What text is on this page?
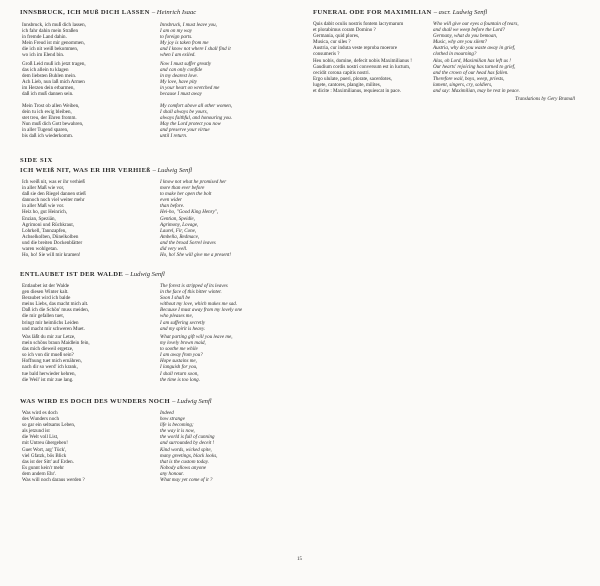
INNSBRUCK, ICH MUß DICH LASSEN – Heinrich Isaac
Innsbruck, ich muß dich lassen,
ich fahr dahin mein Straßen
in fremde Land dahin.
Mein Freud ist mir genommen,
die ich nit weiß bekommen,
wo ich im Elend bin.
Innsbruck, I must leave you,
I am on my way
to foreign parts.
My joy is taken from me
and I know not where I shall find it
when I am exiled.
Groß Leid muß ich jetzt tragen,
das ich allein tu klagen
dem liebsten Buhlen mein.
Ach Lieb, nun laß mich Armen
im Herzen dein erbarmen,
daß ich muß dannen sein.
Now I must suffer greatly
and can only confide
in my dearest love.
My love, have pity
in your heart on wretched me
because I must away
Mein Trost ob allen Weiben,
dein tu ich ewig bleiben,
stet treu, der Ehren fromm.
Nun muß dich Gott bewahren,
in aller Tugend sparen,
bis daß ich wiederkomm.
My comfort above all other women,
I shall always be yours,
always faithful, and honouring you.
May the Lord protect you now
and preserve your virtue
until I return.
SIDE SIX
ICH WEIß NIT, WAS ER IHR VERHIEß – Ludwig Senfl
Ich weiß nit, was er ihr verhieß
in aller Maß wie vor,
daß sie den Riegel dannen stieß
dannoch noch viel weiter mehr
in aller Maß wie vor.
Heiz ho, gut Heinrich,
Enzian, Speziän,
Agrimoni und Rüchkraut,
Lohrkell, Tannzapfen,
Achselkolben, Dünelkolben
und die breiten Dockenblätter
waren wohlgetan.
Ho, ho! Sie will mir kramen!
I know not what he promised her
more than ever before
to make her open the bolt
even wider
than before.
Hei-ho, "Good King Henry",
Gentian, Speidle,
Agrimony, Lovage,
Laurel, Fir, Cone,
Ambella, Redmace,
and the broad Sorrel leaves
did very well.
Ho, ho! She will give me a present!
ENTLAUBET IST DER WALDE – Ludwig Senfl
Entlaubet ist der Walde
gen diesen Winter kalt.
Beraubet wird ich balde
meins Liebs, das macht mich alt.
Daß ich die Schön' muss meiden,
die mir gefallen tuet,
bringt mir heimlichs Leiden
und macht mir schweren Muet.
The forest is stripped of its leaves
in the face of this bitter winter.
Soon I shall be
without my love, which makes me sad.
Because I must away from my lovely one
who pleases me,
I am suffering secretly
and my spirit is heavy.
Was läßt du mir zur Letze,
mein schöns braun Maidlein fein,
das mich dieweil ergetze,
so ich von dir mueß sein?
Hoffnung tuet mich ernähren,
nach dir so werd' ich krank,
tue bald herwieder kehren,
die Weil' ist mir zue lang.
What parting gift will you leave me,
my lovely brown maid,
to soothe me while
I am away from you?
Hope sustains me,
I languish for you,
I shall return soon,
the time is too long.
WAS WIRD ES DOCH DES WUNDERS NOCH – Ludwig Senfl
Was wird es doch
des Wunders noch
so gar ein seltsams Leben,
als jetzund ist
die Welt voll List,
mit Untreu übergeben!
Guet Wort, arg' Tück',
viel Gfatzk, bös Blick
das ist der Sitt' auf Erden.
Es gunnt kein'r mehr
dem andern Ehr'.
Was will noch daraus werden ?
Indeed
how strange
life is becoming;
the way it is now,
the world is full of cunning
and surrounded by deceit !
Kind words, wicked spite,
many greetings, black looks,
that is the custom today.
Nobody allows anyone
any honour.
What may yet come of it ?
FUNERAL ODE FOR MAXIMILIAN – ascr. Ludwig Senfl
Quis dabit oculis nostris fontem lacrymarum
et plorabimus coram Domino ?
Germania, quid plores,
Musica, cur siles ?
Austria, cur induta veste reproba moerore
consumeris ?
Heu nobis, domine, defecit nobis Maximilianus !
Gaudium cordis nostri conversum est in luctum,
cecidit corona capitis nostri.
Ergo ululate, pueri, plorate, sacerdotes,
lugete, cantores, plangite, milites,
et dicite : Maximilianus, requiescat in pace.
Who will give our eyes a fountain of tears,
and shall we weep before the Lord?
Germany, what do you bemoan,
Music, why are you silent?
Austria, why do you waste away in grief,
clothed in mourning?
Alas, oh Lord, Maximilian has left us !
Our hearts' rejoicing has turned to grief,
and the crown of our head has fallen.
Therefore wail, boys, weep, priests,
lament, singers, cry, soldiers,
and say: Maximilian, may he rest in peace.
Translations by Gery Bramall
15
